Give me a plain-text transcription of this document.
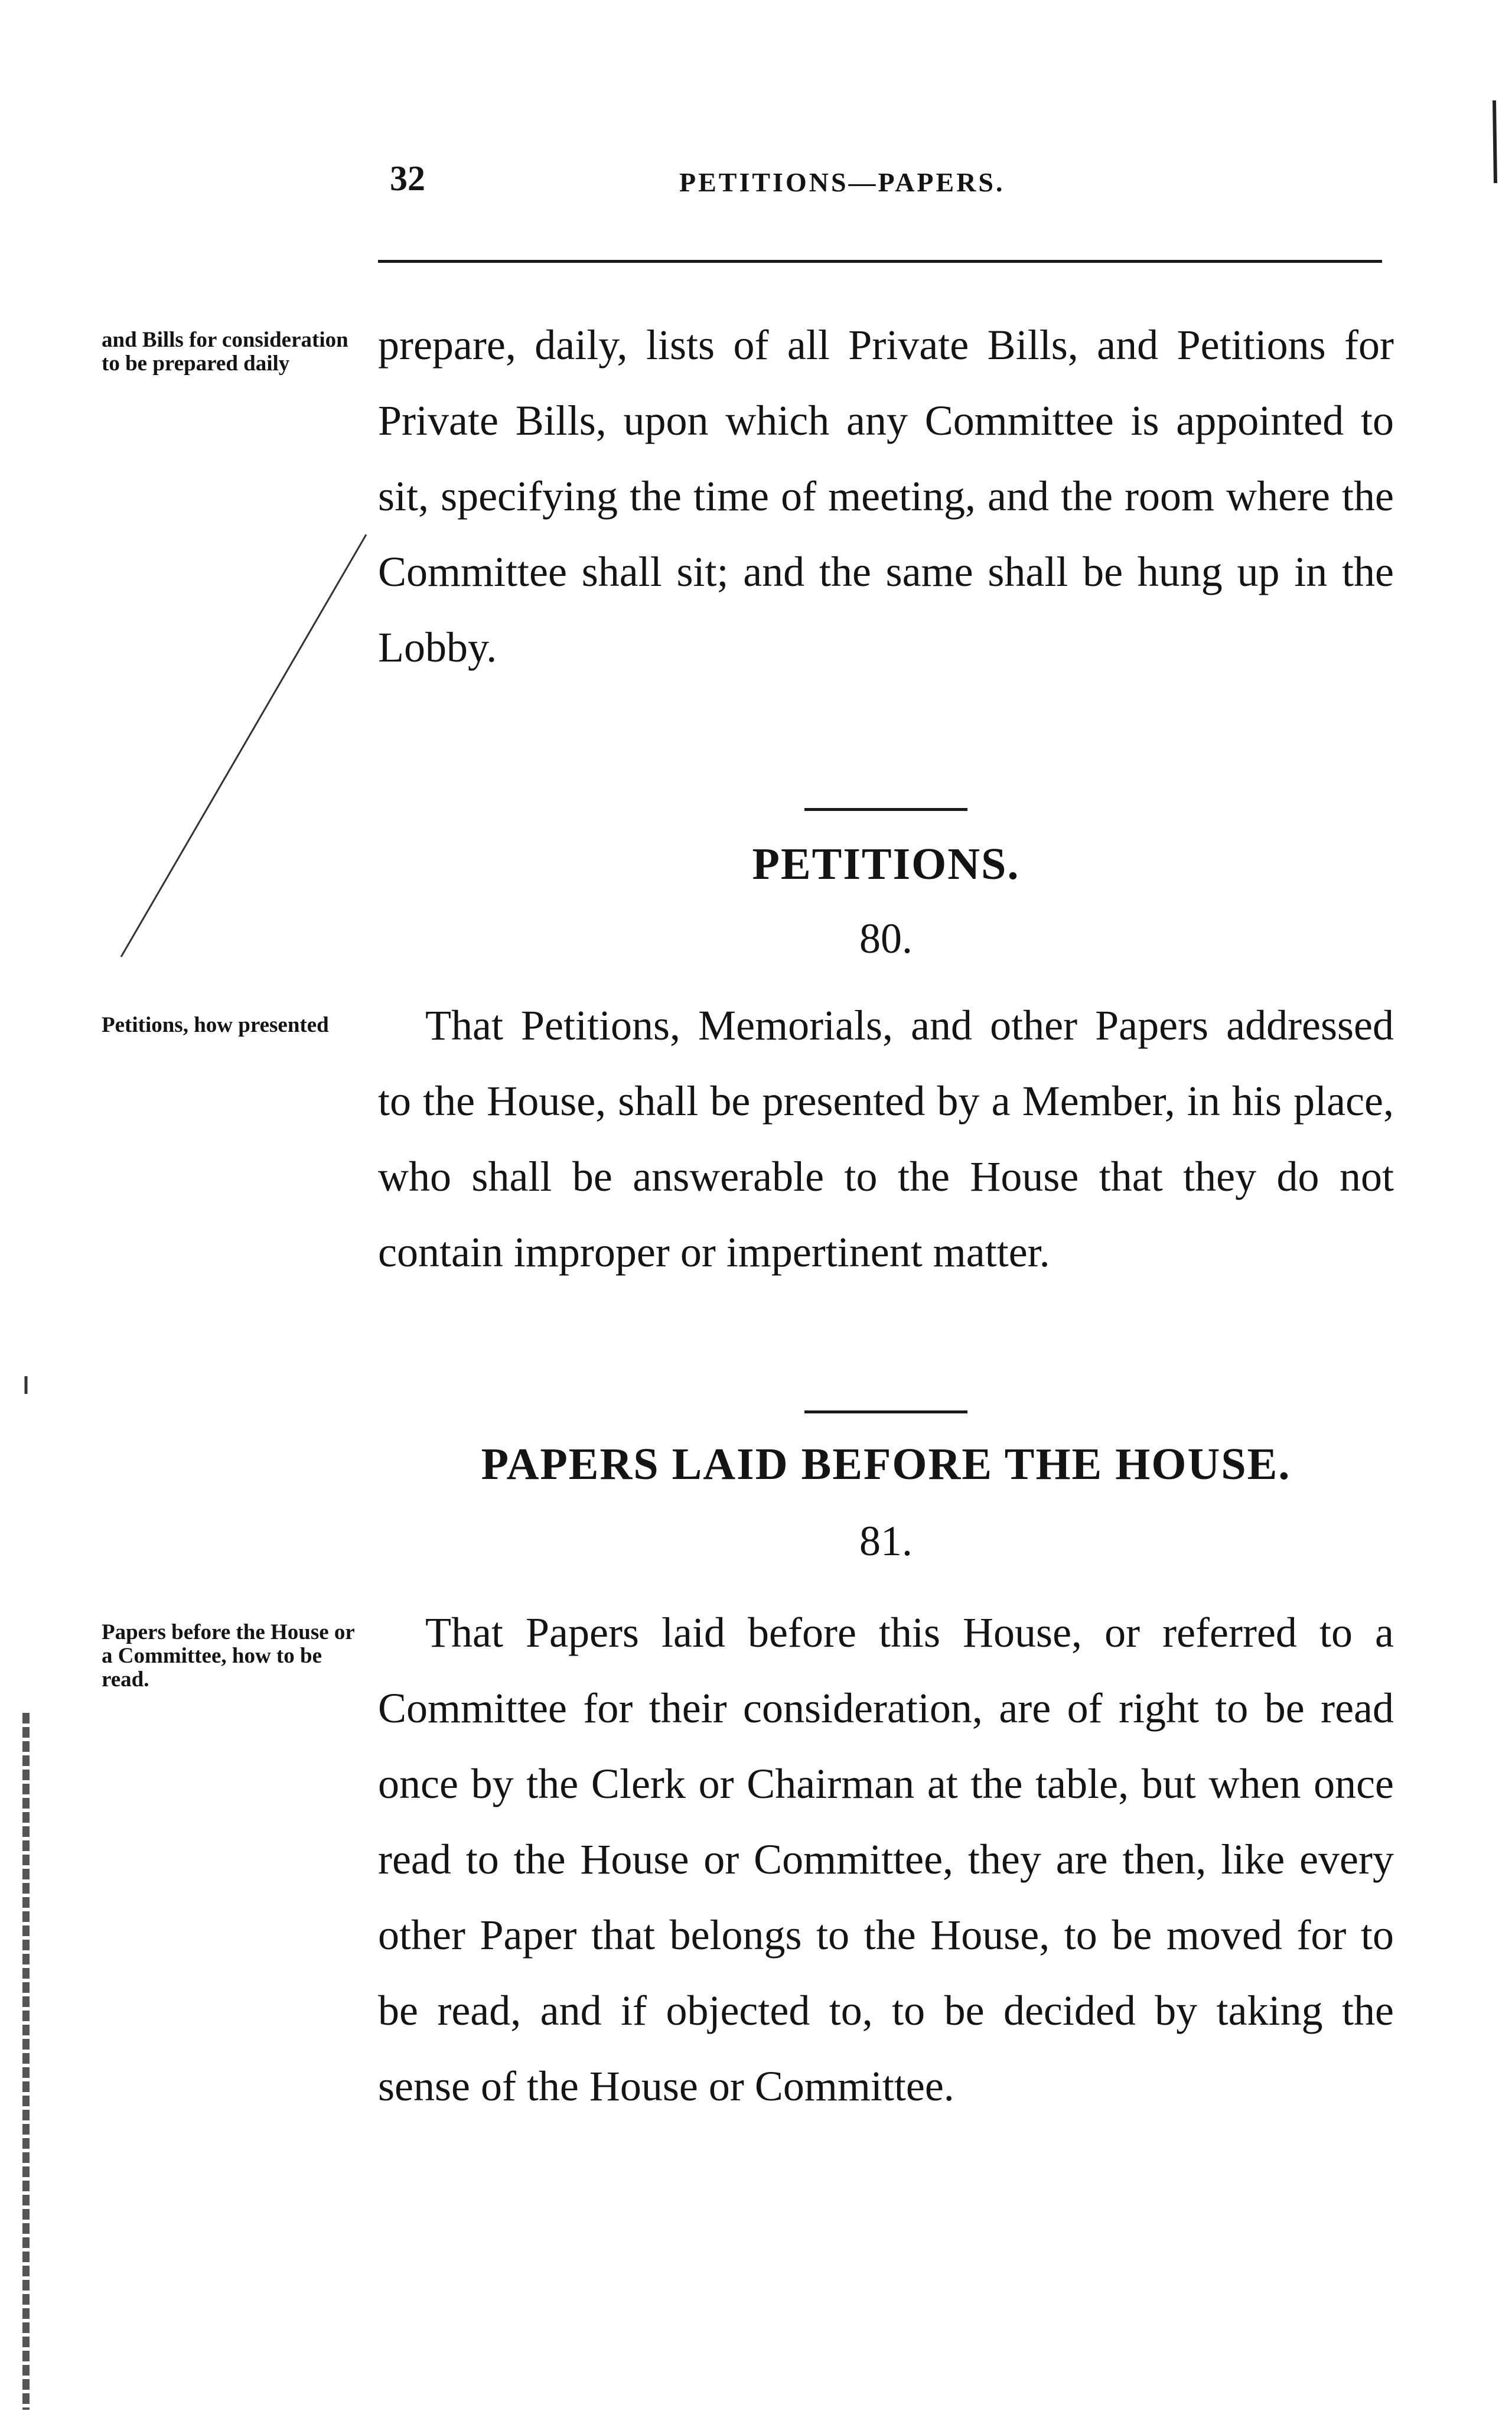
32	PETITIONS—PAPERS.

and Bills for consideration to be prepared daily	prepare, daily, lists of all Private Bills, and Petitions for Private Bills, upon which any Committee is appointed to sit, specifying the time of meeting, and the room where the Committee shall sit; and the same shall be hung up in the Lobby.

PETITIONS.
80.

Petitions, how presented	That Petitions, Memorials, and other Papers addressed to the House, shall be presented by a Member, in his place, who shall be answerable to the House that they do not contain improper or impertinent matter.

PAPERS LAID BEFORE THE HOUSE.
81.

Papers before the House or a Committee, how to be read.

That Papers laid before this House, or referred to a Committee for their consideration, are of right to be read once by the Clerk or Chairman at the table, but when once read to the House or Committee, they are then, like every other Paper that belongs to the House, to be moved for to be read, and if objected to, to be decided by taking the sense of the House or Committee.
